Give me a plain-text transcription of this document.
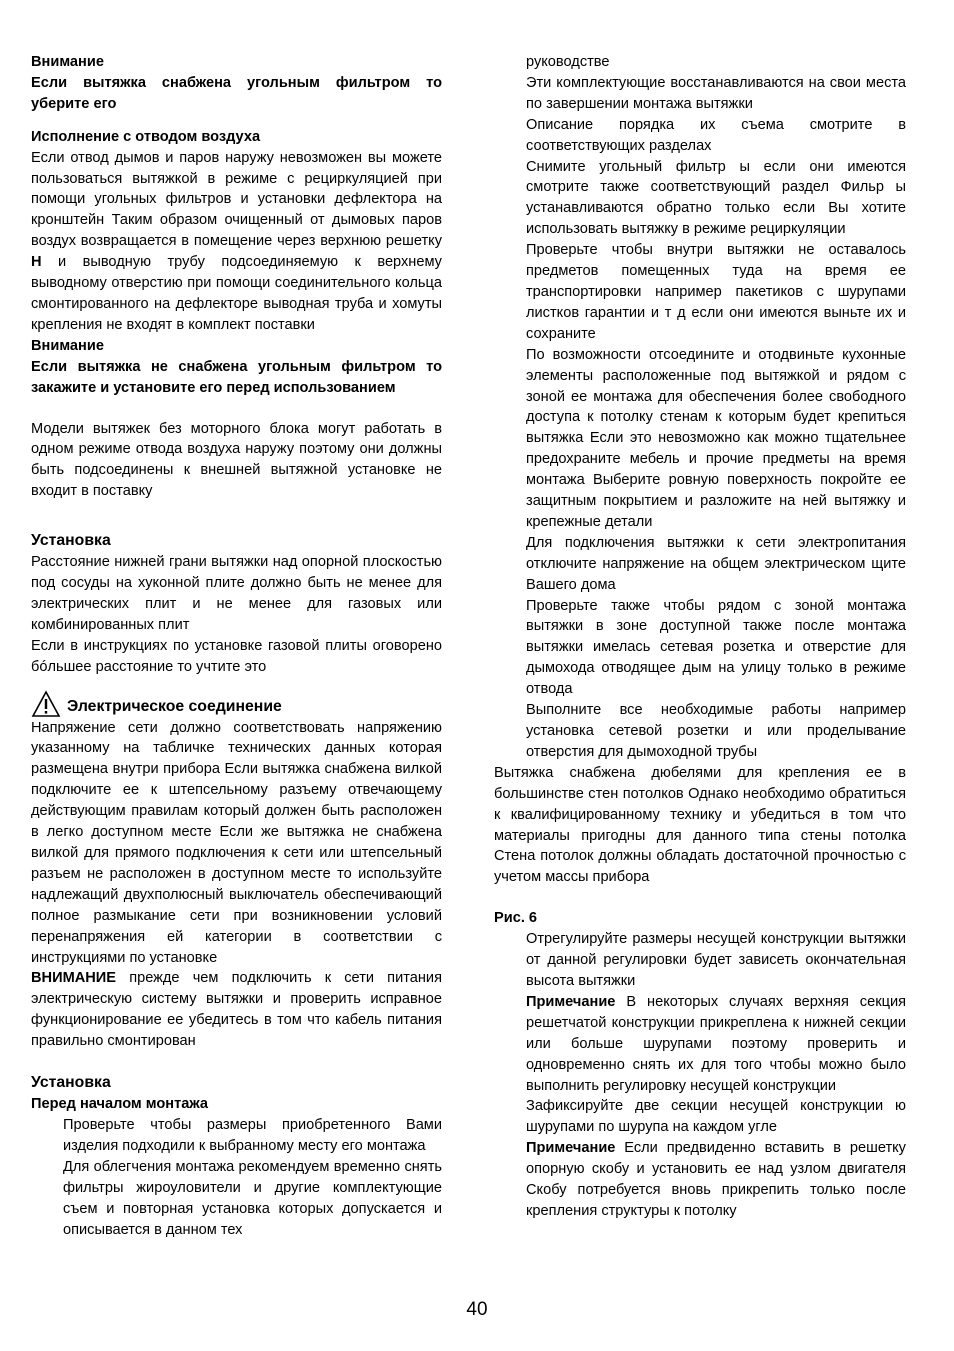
Внимание

Если вытяжка снабжена угольным фильтром то уберите его

Исполнение с отводом воздуха

Если отвод дымов и паров наружу невозможен вы можете пользоваться вытяжкой в режиме с рециркуляцией при помощи угольных фильтров и установки дефлектора на кронштейн Таким образом очищенный от дымовых паров воздух возвращается в помещение через верхнюю решетку H и выводную трубу подсоединяемую к верхнему выводному отверстию при помощи соединительного кольца смонтированного на дефлекторе выводная труба и хомуты крепления не входят в комплект поставки

Внимание

Если вытяжка не снабжена угольным фильтром то закажите и установите его перед использованием

Модели вытяжек без моторного блока могут работать в одном режиме отвода воздуха наружу поэтому они должны быть подсоединены к внешней вытяжной установке не входит в поставку

Установка

Расстояние нижней грани вытяжки над опорной плоскостью под сосуды на хуконной плите должно быть не менее для электрических плит и не менее для газовых или комбинированных плит

Если в инструкциях по установке газовой плиты оговорено бóльшее расстояние то учтите это

Электрическое соединение

Напряжение сети должно соответствовать напряжению указанному на табличке технических данных которая размещена внутри прибора Если вытяжка снабжена вилкой подключите ее к штепсельному разъему отвечающему действующим правилам который должен быть расположен в легко доступном месте Если же вытяжка не снабжена вилкой для прямого подключения к сети или штепсельный разъем не расположен в доступном месте то используйте надлежащий двухполюсный выключатель обеспечивающий полное размыкание сети при возникновении условий перенапряжения ей категории в соответствии с инструкциями по установке

ВНИМАНИЕ прежде чем подключить к сети питания электрическую систему вытяжки и проверить исправное функционирование ее убедитесь в том что кабель питания правильно смонтирован

Установка

Перед началом монтажа

Проверьте чтобы размеры приобретенного Вами изделия подходили к выбранному месту его монтажа

Для облегчения монтажа рекомендуем временно снять фильтры жироуловители и другие комплектующие съем и повторная установка которых допускается и описывается в данном тех

руководстве

Эти комплектующие восстанавливаются на свои места по завершении монтажа вытяжки

Описание порядка их съема смотрите в соответствующих разделах

Снимите угольный фильтр ы если они имеются смотрите также соответствующий раздел Фильр ы устанавливаются обратно только если Вы хотите использовать вытяжку в режиме рециркуляции

Проверьте чтобы внутри вытяжки не оставалось предметов помещенных туда на время ее транспортировки например пакетиков с шурупами листков гарантии и т д если они имеются выньте их и сохраните

По возможности отсоедините и отодвиньте кухонные элементы расположенные под вытяжкой и рядом с зоной ее монтажа для обеспечения более свободного доступа к потолку стенам к которым будет крепиться вытяжка Если это невозможно как можно тщательнее предохраните мебель и прочие предметы на время монтажа Выберите ровную поверхность покройте ее защитным покрытием и разложите на ней вытяжку и крепежные детали

Для подключения вытяжки к сети электропитания отключите напряжение на общем электрическом щите Вашего дома

Проверьте также чтобы рядом с зоной монтажа вытяжки в зоне доступной также после монтажа вытяжки имелась сетевая розетка и отверстие для дымохода отводящее дым на улицу только в режиме отвода

Выполните все необходимые работы например установка сетевой розетки и или проделывание отверстия для дымоходной трубы

Вытяжка снабжена дюбелями для крепления ее в большинстве стен потолков Однако необходимо обратиться к квалифицированному технику и убедиться в том что материалы пригодны для данного типа стены потолка Стена потолок должны обладать достаточной прочностью с учетом массы прибора

Рис. 6

Отрегулируйте размеры несущей конструкции вытяжки от данной регулировки будет зависеть окончательная высота вытяжки

Примечание В некоторых случаях верхняя секция решетчатой конструкции прикреплена к нижней секции или больше шурупами поэтому проверить и одновременно снять их для того чтобы можно было выполнить регулировку несущей конструкции

Зафиксируйте две секции несущей конструкции ю шурупами по шурупа на каждом угле

Примечание Если предвиденно вставить в решетку опорную скобу и установить ее над узлом двигателя Скобу потребуется вновь прикрепить только после крепления структуры к потолку

40
